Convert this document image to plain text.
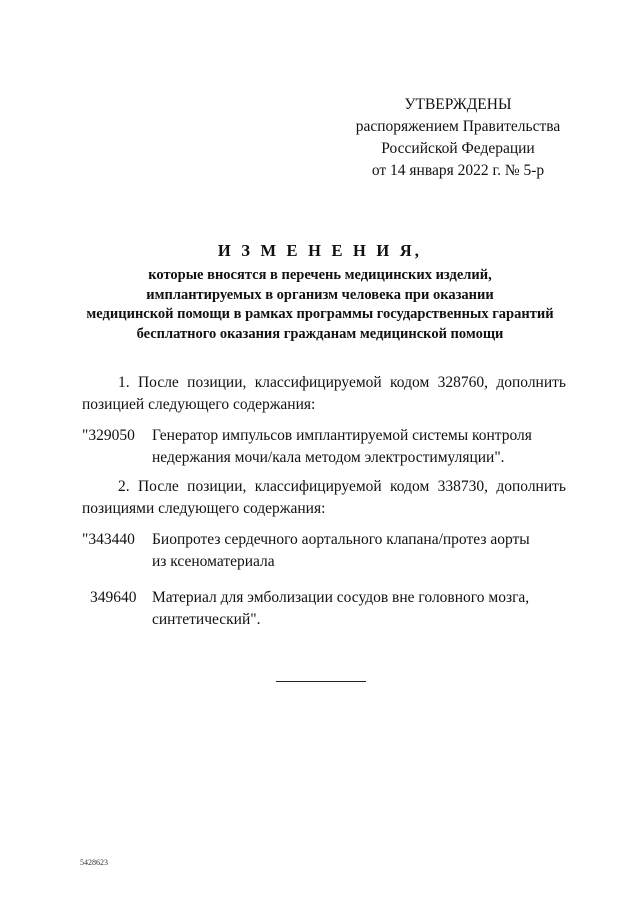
УТВЕРЖДЕНЫ
распоряжением Правительства
Российской Федерации
от 14 января 2022 г. № 5-р
И З М Е Н Е Н И Я,
которые вносятся в перечень медицинских изделий,
имплантируемых в организм человека при оказании
медицинской помощи в рамках программы государственных гарантий
бесплатного оказания гражданам медицинской помощи
1. После позиции, классифицируемой кодом 328760, дополнить
позицией следующего содержания:
"329050 Генератор импульсов имплантируемой системы контроля
недержания мочи/кала методом электростимуляции".
2. После позиции, классифицируемой кодом 338730, дополнить
позициями следующего содержания:
"343440 Биопротез сердечного аортального клапана/протез аорты
из ксеноматериала
349640 Материал для эмболизации сосудов вне головного мозга,
синтетический".
5428623
